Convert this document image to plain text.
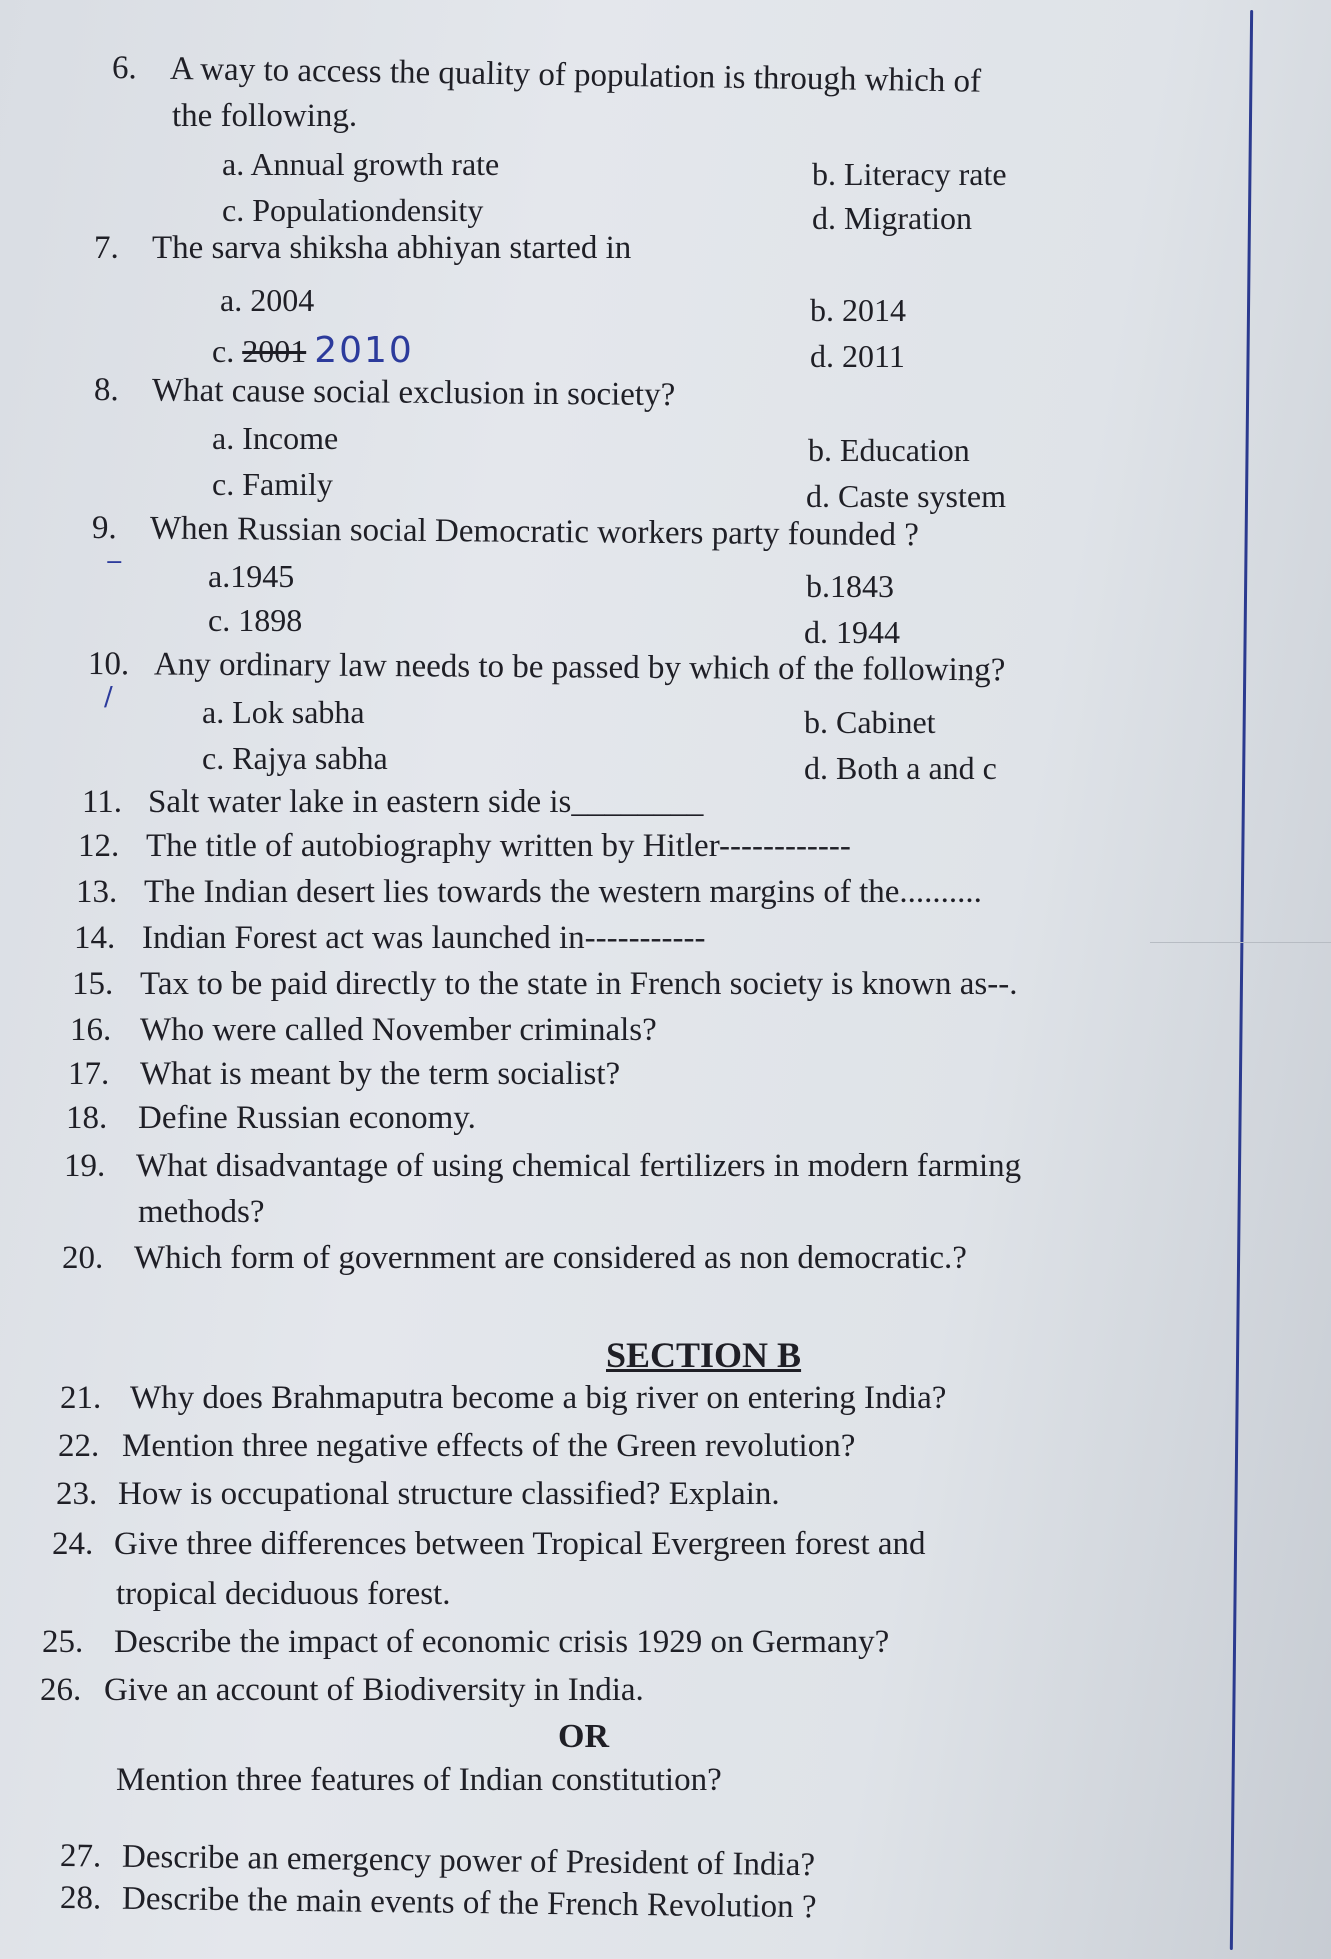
6. A way to access the quality of population is through which of
the following.
a. Annual growth rate	b. Literacy rate
c. Populationdensity	d. Migration
7. The sarva shiksha abhiyan started in
a. 2004	b. 2014
c. 2001 2010	d. 2011
8. What cause social exclusion in society?
a. Income	b. Education
c. Family	d. Caste system
9. When Russian social Democratic workers party founded ?
‒	a.1945	b.1843
c. 1898	d. 1944
10. Any ordinary law needs to be passed by which of the following?
∕	a. Lok sabha	b. Cabinet
c. Rajya sabha	d. Both a and c
11. Salt water lake in eastern side is________
12. The title of autobiography written by Hitler------------
13. The Indian desert lies towards the western margins of the..........
14. Indian Forest act was launched in-----------
15. Tax to be paid directly to the state in French society is known as--.
16. Who were called November criminals?
17. What is meant by the term socialist?
18. Define Russian economy.
19. What disadvantage of using chemical fertilizers in modern farming
methods?
20. Which form of government are considered as non democratic.?
SECTION B
21. Why does Brahmaputra become a big river on entering India?
22. Mention three negative effects of the Green revolution?
23. How is occupational structure classified? Explain.
24. Give three differences between Tropical Evergreen forest and
tropical deciduous forest.
25. Describe the impact of economic crisis 1929 on Germany?
26. Give an account of Biodiversity in India.
OR
Mention three features of Indian constitution?
27. Describe an emergency power of President of India?
28. Describe the main events of the French Revolution ?
